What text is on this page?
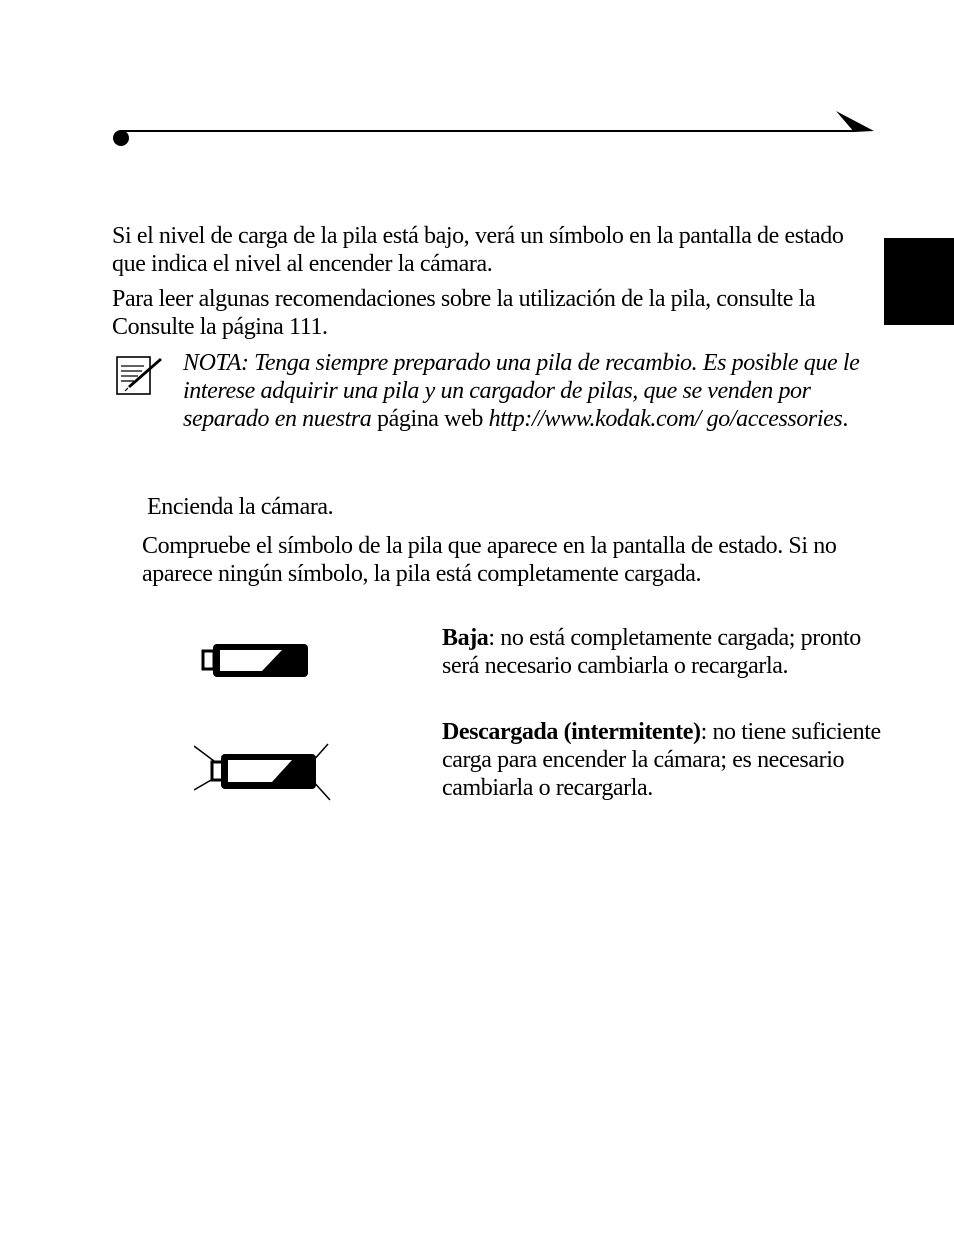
Si el nivel de carga de la pila está bajo, verá un símbolo en la pantalla de estado que indica el nivel al encender la cámara.

Para leer algunas recomendaciones sobre la utilización de la pila, consulte la Consulte la página 111.

NOTA: Tenga siempre preparado una pila de recambio. Es posible que le interese adquirir una pila y un cargador de pilas, que se venden por separado en nuestra página web http://www.kodak.com/ go/accessories.

Encienda la cámara.

Compruebe el símbolo de la pila que aparece en la pantalla de estado. Si no aparece ningún símbolo, la pila está completamente cargada.

Baja: no está completamente cargada; pronto será necesario cambiarla o recargarla.

Descargada (intermitente): no tiene suficiente carga para encender la cámara; es necesario cambiarla o recargarla.
